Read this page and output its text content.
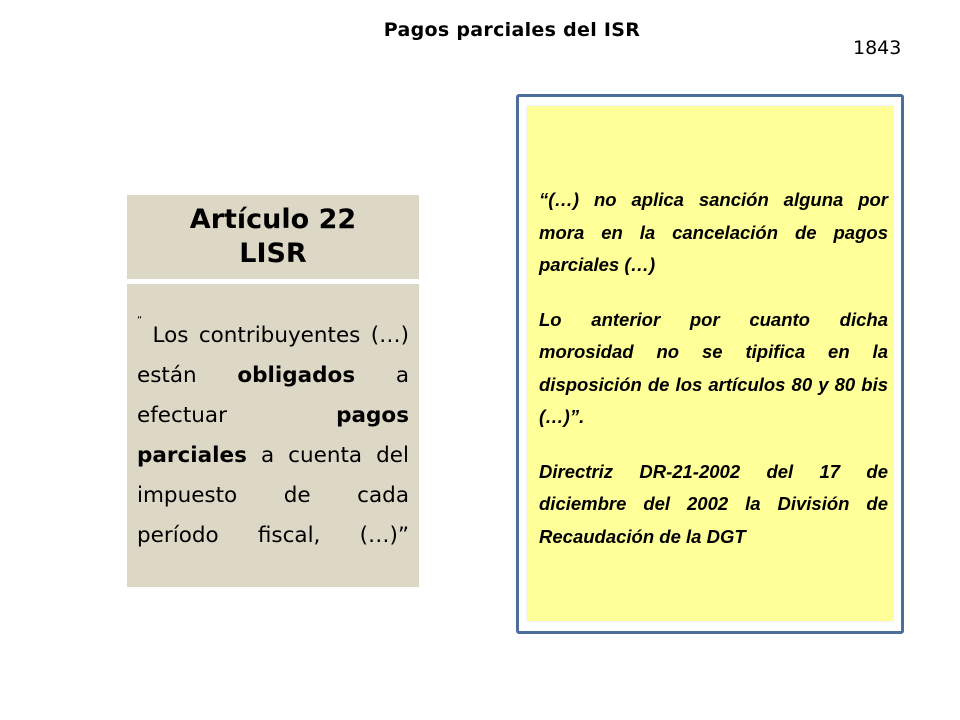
Pagos parciales del ISR
1843
Artículo 22
LISR

“ Los contribuyentes (…) están obligados a efectuar pagos parciales a cuenta del impuesto de cada período fiscal, (…)”

“(…) no aplica sanción alguna por mora en la cancelación de pagos parciales (…)

Lo anterior por cuanto dicha morosidad no se tipifica en la disposición de los artículos 80 y 80 bis (…)”.

Directriz DR-21-2002 del 17 de diciembre del 2002 la División de Recaudación de la DGT
